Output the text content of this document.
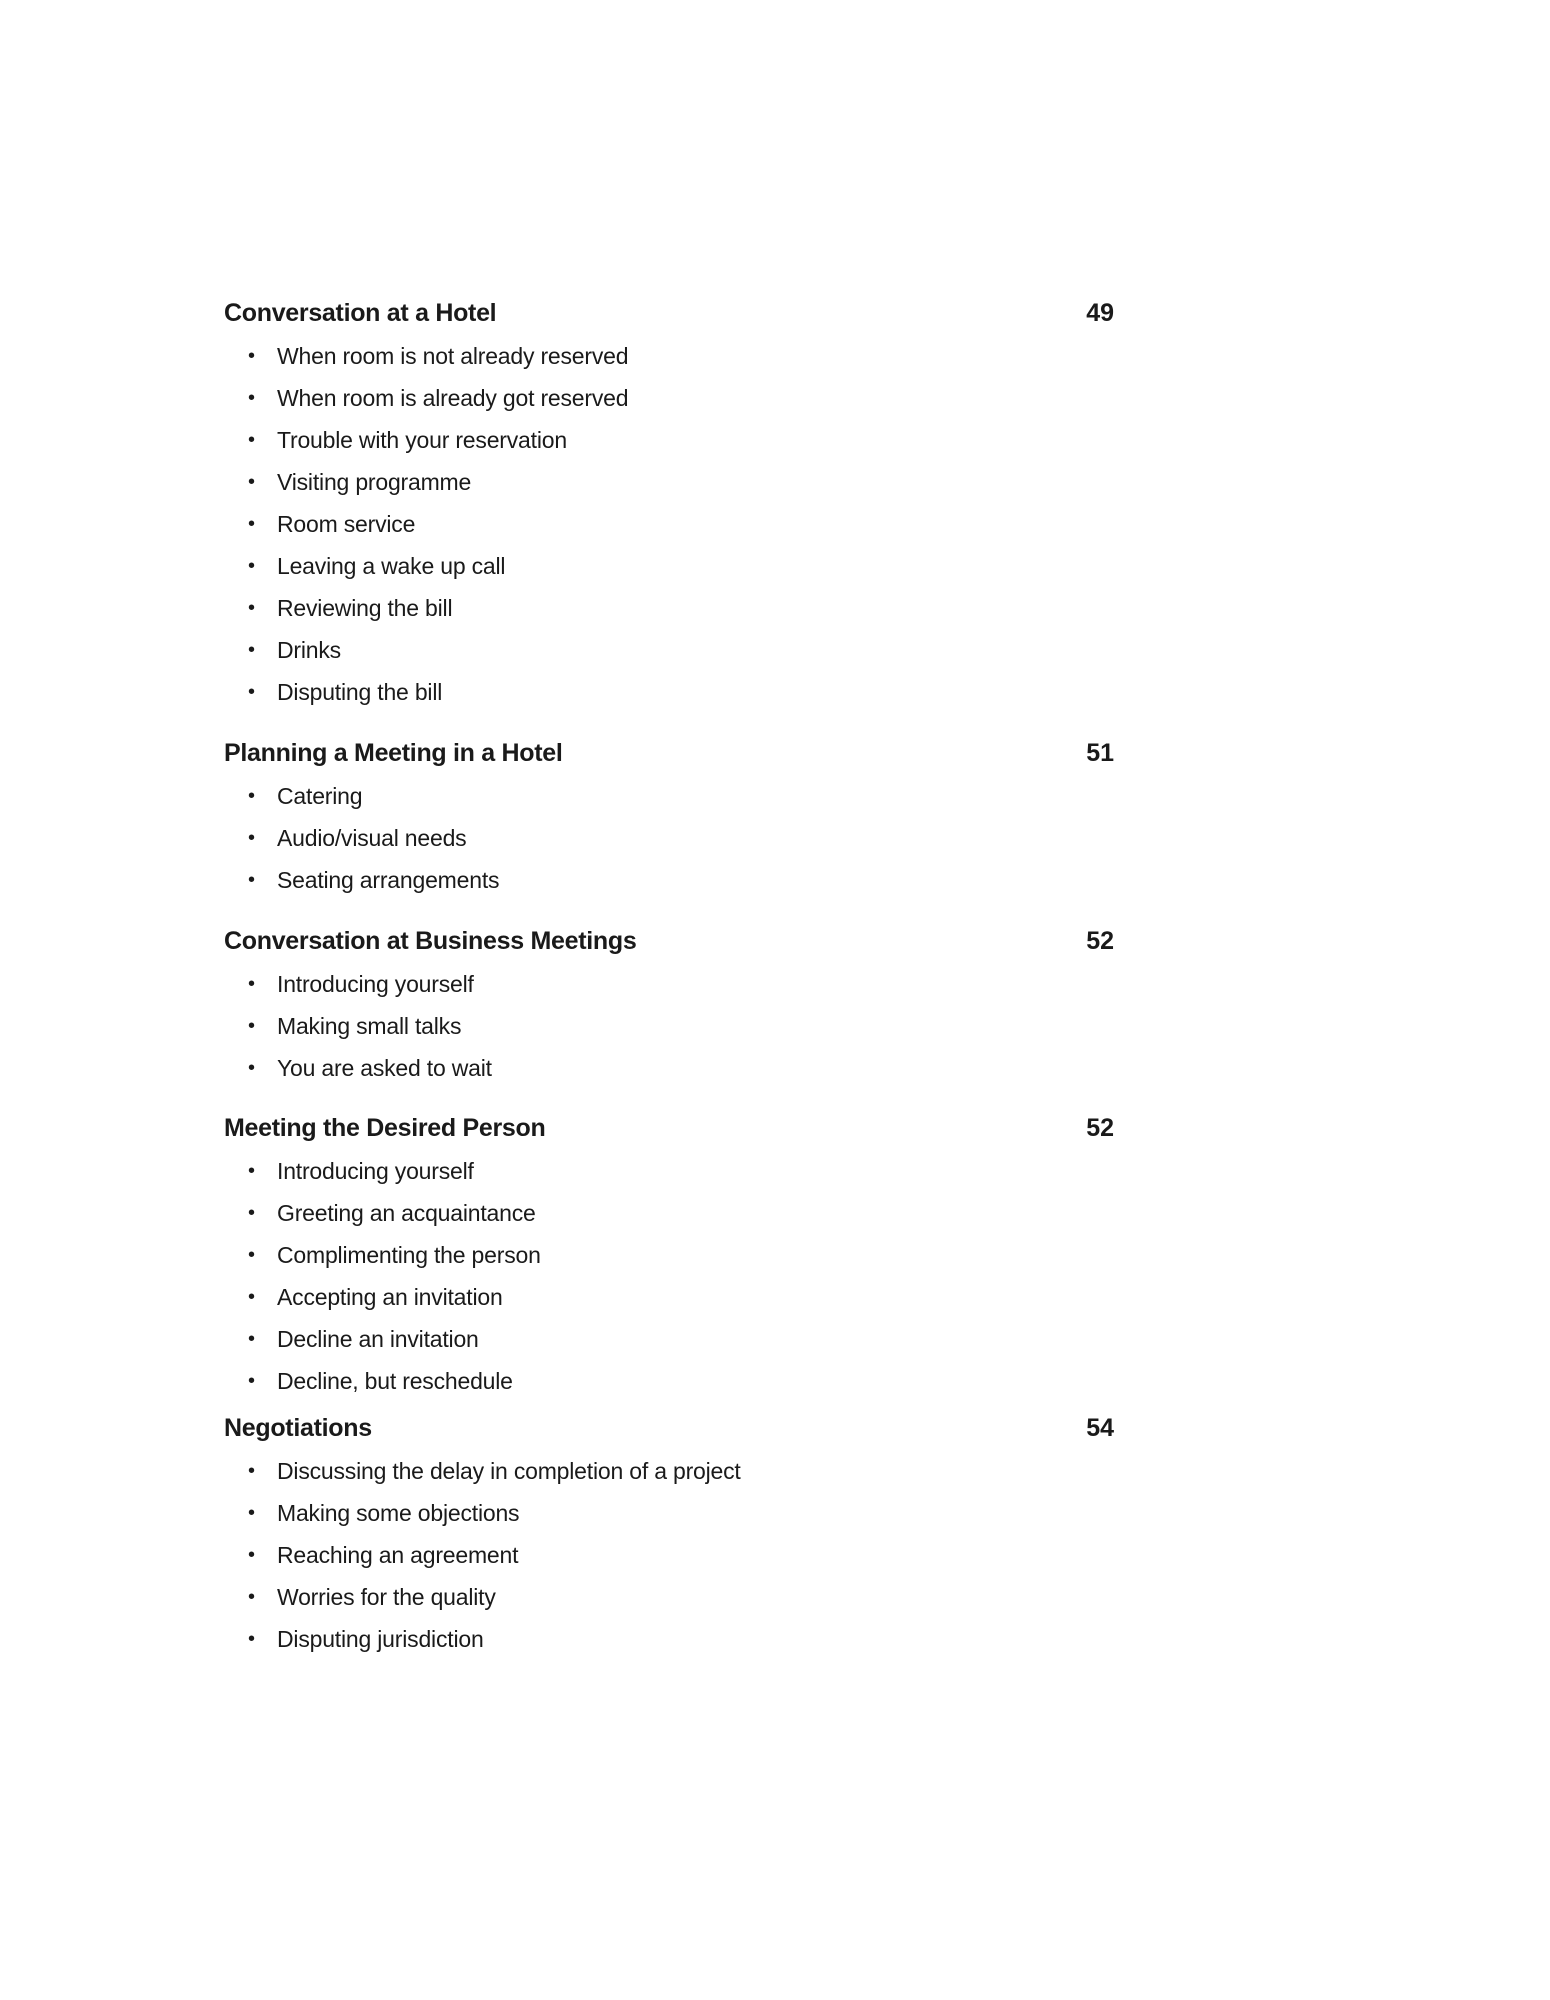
Conversation at a Hotel	49
• When room is not already reserved
• When room is already got reserved
• Trouble with your reservation
• Visiting programme
• Room service
• Leaving a wake up call
• Reviewing the bill
• Drinks
• Disputing the bill
Planning a Meeting in a Hotel	51
• Catering
• Audio/visual needs
• Seating arrangements
Conversation at Business Meetings	52
• Introducing yourself
• Making small talks
• You are asked to wait
Meeting the Desired Person	52
• Introducing yourself
• Greeting an acquaintance
• Complimenting the person
• Accepting an invitation
• Decline an invitation
• Decline, but reschedule
Negotiations	54
• Discussing the delay in completion of a project
• Making some objections
• Reaching an agreement
• Worries for the quality
• Disputing jurisdiction
